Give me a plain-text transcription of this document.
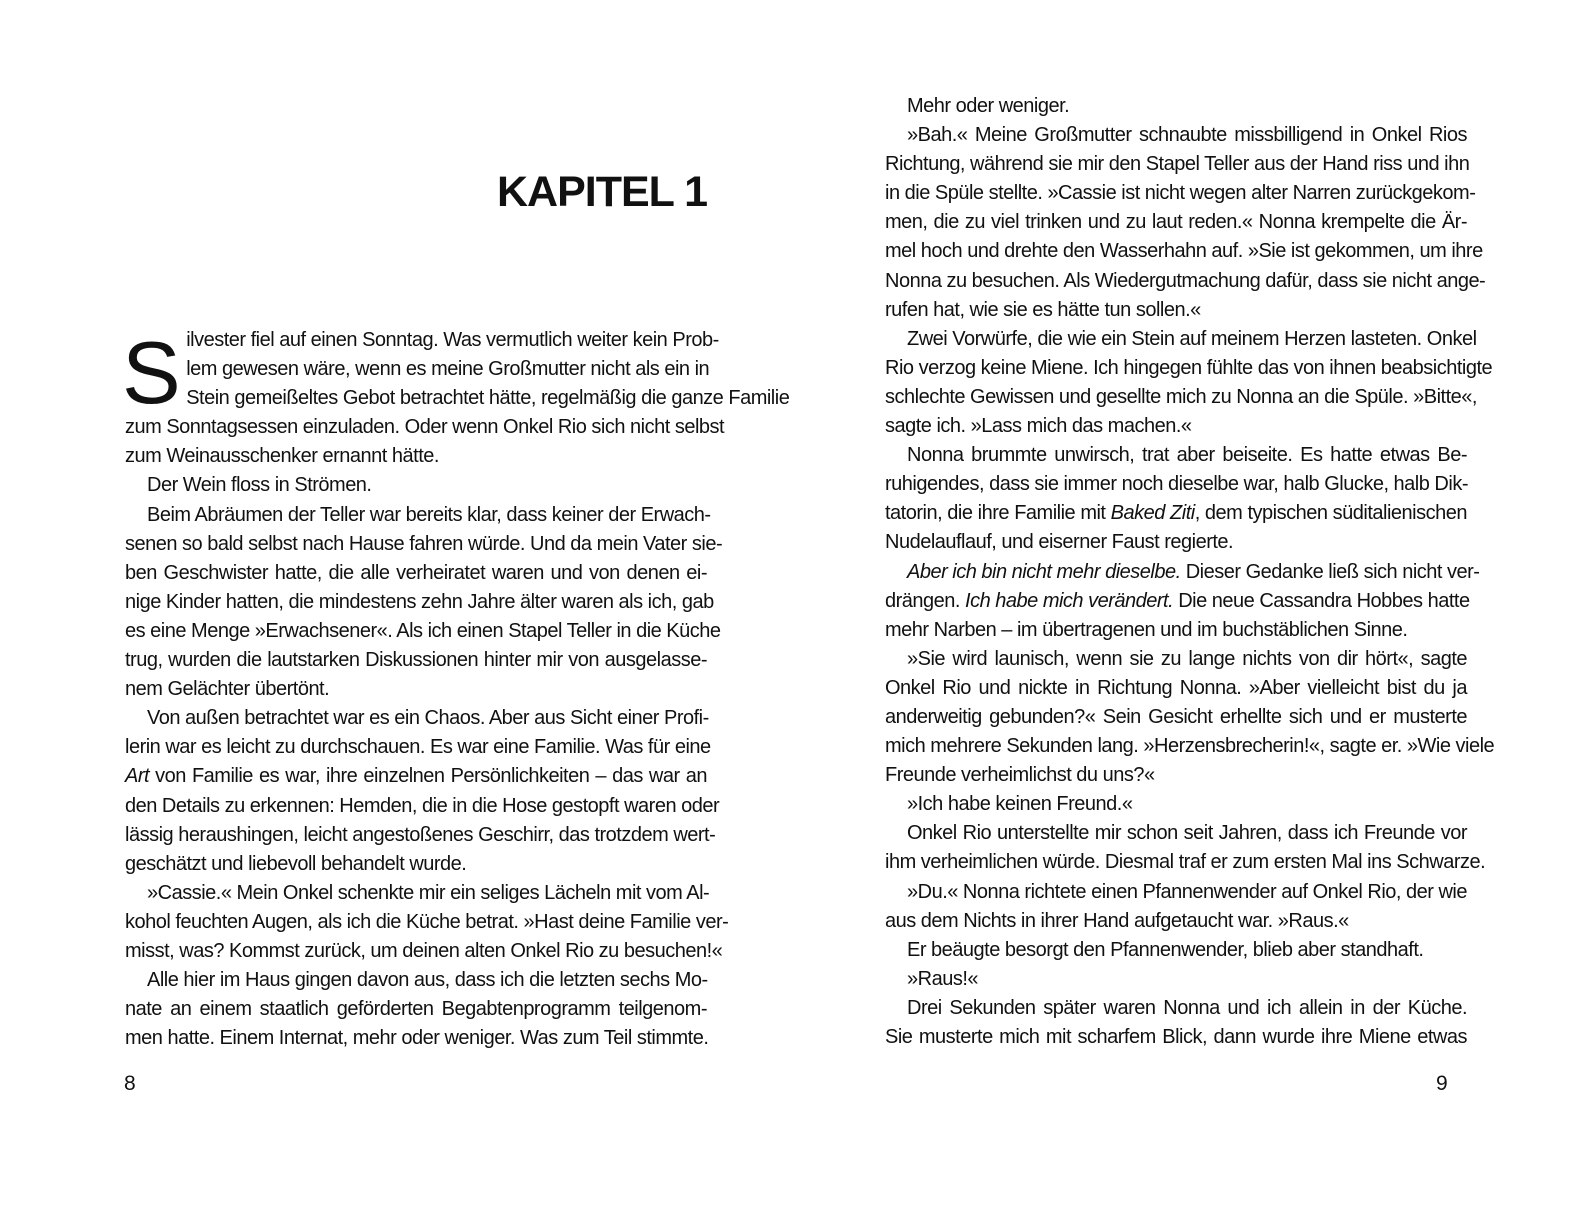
KAPITEL 1
S ilvester fiel auf einen Sonntag. Was vermutlich weiter kein Prob-
lem gewesen wäre, wenn es meine Großmutter nicht als ein in
Stein gemeißeltes Gebot betrachtet hätte, regelmäßig die ganze Familie
zum Sonntagsessen einzuladen. Oder wenn Onkel Rio sich nicht selbst
zum Weinausschenker ernannt hätte.
Der Wein floss in Strömen.
Beim Abräumen der Teller war bereits klar, dass keiner der Erwach-
senen so bald selbst nach Hause fahren würde. Und da mein Vater sie-
ben Geschwister hatte, die alle verheiratet waren und von denen ei-
nige Kinder hatten, die mindestens zehn Jahre älter waren als ich, gab
es eine Menge »Erwachsener«. Als ich einen Stapel Teller in die Küche
trug, wurden die lautstarken Diskussionen hinter mir von ausgelasse-
nem Gelächter übertönt.
Von außen betrachtet war es ein Chaos. Aber aus Sicht einer Profi-
lerin war es leicht zu durchschauen. Es war eine Familie. Was für eine
Art von Familie es war, ihre einzelnen Persönlichkeiten – das war an
den Details zu erkennen: Hemden, die in die Hose gestopft waren oder
lässig heraushingen, leicht angestoßenes Geschirr, das trotzdem wert-
geschätzt und liebevoll behandelt wurde.
»Cassie.« Mein Onkel schenkte mir ein seliges Lächeln mit vom Al-
kohol feuchten Augen, als ich die Küche betrat. »Hast deine Familie ver-
misst, was? Kommst zurück, um deinen alten Onkel Rio zu besuchen!«
Alle hier im Haus gingen davon aus, dass ich die letzten sechs Mo-
nate an einem staatlich geförderten Begabtenprogramm teilgenom-
men hatte. Einem Internat, mehr oder weniger. Was zum Teil stimmte.
8
Mehr oder weniger.
»Bah.« Meine Großmutter schnaubte missbilligend in Onkel Rios
Richtung, während sie mir den Stapel Teller aus der Hand riss und ihn
in die Spüle stellte. »Cassie ist nicht wegen alter Narren zurückgekom-
men, die zu viel trinken und zu laut reden.« Nonna krempelte die Är-
mel hoch und drehte den Wasserhahn auf. »Sie ist gekommen, um ihre
Nonna zu besuchen. Als Wiedergutmachung dafür, dass sie nicht ange-
rufen hat, wie sie es hätte tun sollen.«
Zwei Vorwürfe, die wie ein Stein auf meinem Herzen lasteten. Onkel
Rio verzog keine Miene. Ich hingegen fühlte das von ihnen beabsichtigte
schlechte Gewissen und gesellte mich zu Nonna an die Spüle. »Bitte«,
sagte ich. »Lass mich das machen.«
Nonna brummte unwirsch, trat aber beiseite. Es hatte etwas Be-
ruhigendes, dass sie immer noch dieselbe war, halb Glucke, halb Dik-
tatorin, die ihre Familie mit Baked Ziti, dem typischen süditalienischen
Nudelauflauf, und eiserner Faust regierte.
Aber ich bin nicht mehr dieselbe. Dieser Gedanke ließ sich nicht ver-
drängen. Ich habe mich verändert. Die neue Cassandra Hobbes hatte
mehr Narben – im übertragenen und im buchstäblichen Sinne.
»Sie wird launisch, wenn sie zu lange nichts von dir hört«, sagte
Onkel Rio und nickte in Richtung Nonna. »Aber vielleicht bist du ja
anderweitig gebunden?« Sein Gesicht erhellte sich und er musterte
mich mehrere Sekunden lang. »Herzensbrecherin!«, sagte er. »Wie viele
Freunde verheimlichst du uns?«
»Ich habe keinen Freund.«
Onkel Rio unterstellte mir schon seit Jahren, dass ich Freunde vor
ihm verheimlichen würde. Diesmal traf er zum ersten Mal ins Schwarze.
»Du.« Nonna richtete einen Pfannenwender auf Onkel Rio, der wie
aus dem Nichts in ihrer Hand aufgetaucht war. »Raus.«
Er beäugte besorgt den Pfannenwender, blieb aber standhaft.
»Raus!«
Drei Sekunden später waren Nonna und ich allein in der Küche.
Sie musterte mich mit scharfem Blick, dann wurde ihre Miene etwas
9
